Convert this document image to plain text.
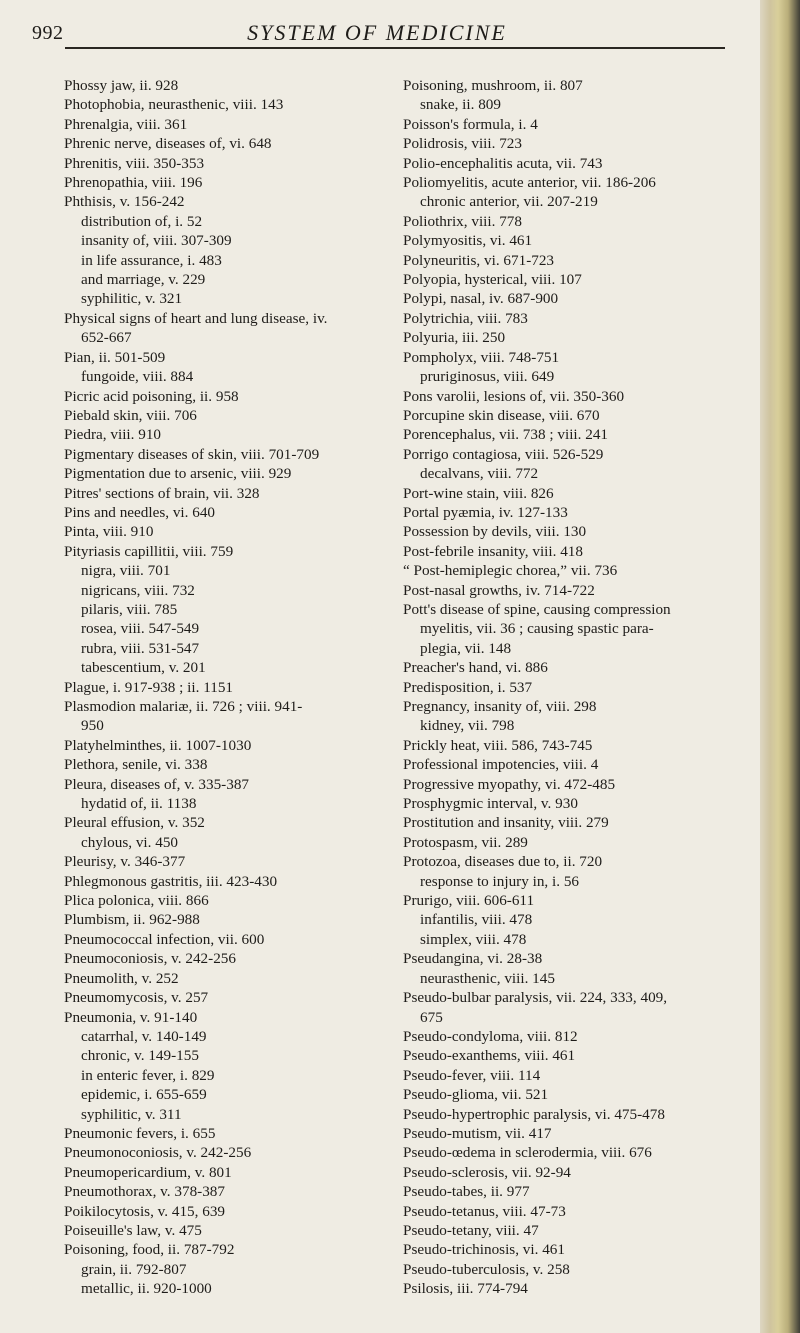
992	SYSTEM OF MEDICINE
Phossy jaw, ii. 928
Photophobia, neurasthenic, viii. 143
Phrenalgia, viii. 361
Phrenic nerve, diseases of, vi. 648
Phrenitis, viii. 350-353
Phrenopathia, viii. 196
Phthisis, v. 156-242
distribution of, i. 52
insanity of, viii. 307-309
in life assurance, i. 483
and marriage, v. 229
syphilitic, v. 321
Physical signs of heart and lung disease, iv.
652-667
Pian, ii. 501-509
fungoide, viii. 884
Picric acid poisoning, ii. 958
Piebald skin, viii. 706
Piedra, viii. 910
Pigmentary diseases of skin, viii. 701-709
Pigmentation due to arsenic, viii. 929
Pitres' sections of brain, vii. 328
Pins and needles, vi. 640
Pinta, viii. 910
Pityriasis capillitii, viii. 759
nigra, viii. 701
nigricans, viii. 732
pilaris, viii. 785
rosea, viii. 547-549
rubra, viii. 531-547
tabescentium, v. 201
Plague, i. 917-938 ; ii. 1151
Plasmodion malariæ, ii. 726 ; viii. 941-
950
Platyhelminthes, ii. 1007-1030
Plethora, senile, vi. 338
Pleura, diseases of, v. 335-387
hydatid of, ii. 1138
Pleural effusion, v. 352
chylous, vi. 450
Pleurisy, v. 346-377
Phlegmonous gastritis, iii. 423-430
Plica polonica, viii. 866
Plumbism, ii. 962-988
Pneumococcal infection, vii. 600
Pneumoconiosis, v. 242-256
Pneumolith, v. 252
Pneumomycosis, v. 257
Pneumonia, v. 91-140
catarrhal, v. 140-149
chronic, v. 149-155
in enteric fever, i. 829
epidemic, i. 655-659
syphilitic, v. 311
Pneumonic fevers, i. 655
Pneumonoconiosis, v. 242-256
Pneumopericardium, v. 801
Pneumothorax, v. 378-387
Poikilocytosis, v. 415, 639
Poiseuille's law, v. 475
Poisoning, food, ii. 787-792
grain, ii. 792-807
metallic, ii. 920-1000
Poisoning, mushroom, ii. 807
snake, ii. 809
Poisson's formula, i. 4
Polidrosis, viii. 723
Polio-encephalitis acuta, vii. 743
Poliomyelitis, acute anterior, vii. 186-206
chronic anterior, vii. 207-219
Poliothrix, viii. 778
Polymyositis, vi. 461
Polyneuritis, vi. 671-723
Polyopia, hysterical, viii. 107
Polypi, nasal, iv. 687-900
Polytrichia, viii. 783
Polyuria, iii. 250
Pompholyx, viii. 748-751
pruriginosus, viii. 649
Pons varolii, lesions of, vii. 350-360
Porcupine skin disease, viii. 670
Porencephalus, vii. 738 ; viii. 241
Porrigo contagiosa, viii. 526-529
decalvans, viii. 772
Port-wine stain, viii. 826
Portal pyæmia, iv. 127-133
Possession by devils, viii. 130
Post-febrile insanity, viii. 418
“ Post-hemiplegic chorea,” vii. 736
Post-nasal growths, iv. 714-722
Pott's disease of spine, causing compression
myelitis, vii. 36 ; causing spastic para-
plegia, vii. 148
Preacher's hand, vi. 886
Predisposition, i. 537
Pregnancy, insanity of, viii. 298
kidney, vii. 798
Prickly heat, viii. 586, 743-745
Professional impotencies, viii. 4
Progressive myopathy, vi. 472-485
Prosphygmic interval, v. 930
Prostitution and insanity, viii. 279
Protospasm, vii. 289
Protozoa, diseases due to, ii. 720
response to injury in, i. 56
Prurigo, viii. 606-611
infantilis, viii. 478
simplex, viii. 478
Pseudangina, vi. 28-38
neurasthenic, viii. 145
Pseudo-bulbar paralysis, vii. 224, 333, 409,
675
Pseudo-condyloma, viii. 812
Pseudo-exanthems, viii. 461
Pseudo-fever, viii. 114
Pseudo-glioma, vii. 521
Pseudo-hypertrophic paralysis, vi. 475-478
Pseudo-mutism, vii. 417
Pseudo-œdema in sclerodermia, viii. 676
Pseudo-sclerosis, vii. 92-94
Pseudo-tabes, ii. 977
Pseudo-tetanus, viii. 47-73
Pseudo-tetany, viii. 47
Pseudo-trichinosis, vi. 461
Pseudo-tuberculosis, v. 258
Psilosis, iii. 774-794
